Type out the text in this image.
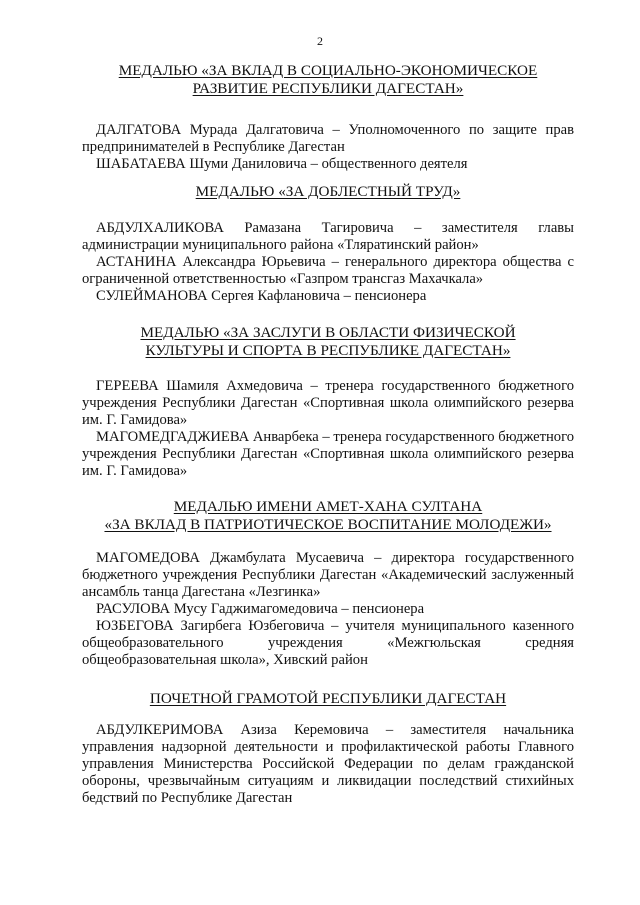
2

МЕДАЛЬЮ «ЗА ВКЛАД В СОЦИАЛЬНО-ЭКОНОМИЧЕСКОЕ

РАЗВИТИЕ РЕСПУБЛИКИ ДАГЕСТАН»

ДАЛГАТОВА Мурада Далгатовича – Уполномоченного по защите прав предпринимателей в Республике Дагестан

ШАБАТАЕВА Шуми Даниловича – общественного деятеля

МЕДАЛЬЮ «ЗА ДОБЛЕСТНЫЙ ТРУД»

АБДУЛХАЛИКОВА Рамазана Тагировича – заместителя главы администрации муниципального района «Тляратинский район»

АСТАНИНА Александра Юрьевича – генерального директора общества с ограниченной ответственностью «Газпром трансгаз Махачкала»

СУЛЕЙМАНОВА Сергея Кафлановича – пенсионера

МЕДАЛЬЮ «ЗА ЗАСЛУГИ В ОБЛАСТИ ФИЗИЧЕСКОЙ

КУЛЬТУРЫ И СПОРТА В РЕСПУБЛИКЕ ДАГЕСТАН»

ГЕРЕЕВА Шамиля Ахмедовича – тренера государственного бюджетного учреждения Республики Дагестан «Спортивная школа олимпийского резерва им. Г. Гамидова»

МАГОМЕДГАДЖИЕВА Анварбека – тренера государственного бюджетного учреждения Республики Дагестан «Спортивная школа олимпийского резерва им. Г. Гамидова»

МЕДАЛЬЮ ИМЕНИ АМЕТ-ХАНА СУЛТАНА

«ЗА ВКЛАД В ПАТРИОТИЧЕСКОЕ ВОСПИТАНИЕ МОЛОДЕЖИ»

МАГОМЕДОВА Джамбулата Мусаевича – директора государственного бюджетного учреждения Республики Дагестан «Академический заслуженный ансамбль танца Дагестана «Лезгинка»

РАСУЛОВА Мусу Гаджимагомедовича – пенсионера

ЮЗБЕГОВА Загирбега Юзбеговича – учителя муниципального казенного общеобразовательного учреждения «Межгюльская средняя общеобразовательная школа», Хивский район

ПОЧЕТНОЙ ГРАМОТОЙ РЕСПУБЛИКИ ДАГЕСТАН

АБДУЛКЕРИМОВА Азиза Керемовича – заместителя начальника управления надзорной деятельности и профилактической работы Главного управления Министерства Российской Федерации по делам гражданской обороны, чрезвычайным ситуациям и ликвидации последствий стихийных бедствий по Республике Дагестан
